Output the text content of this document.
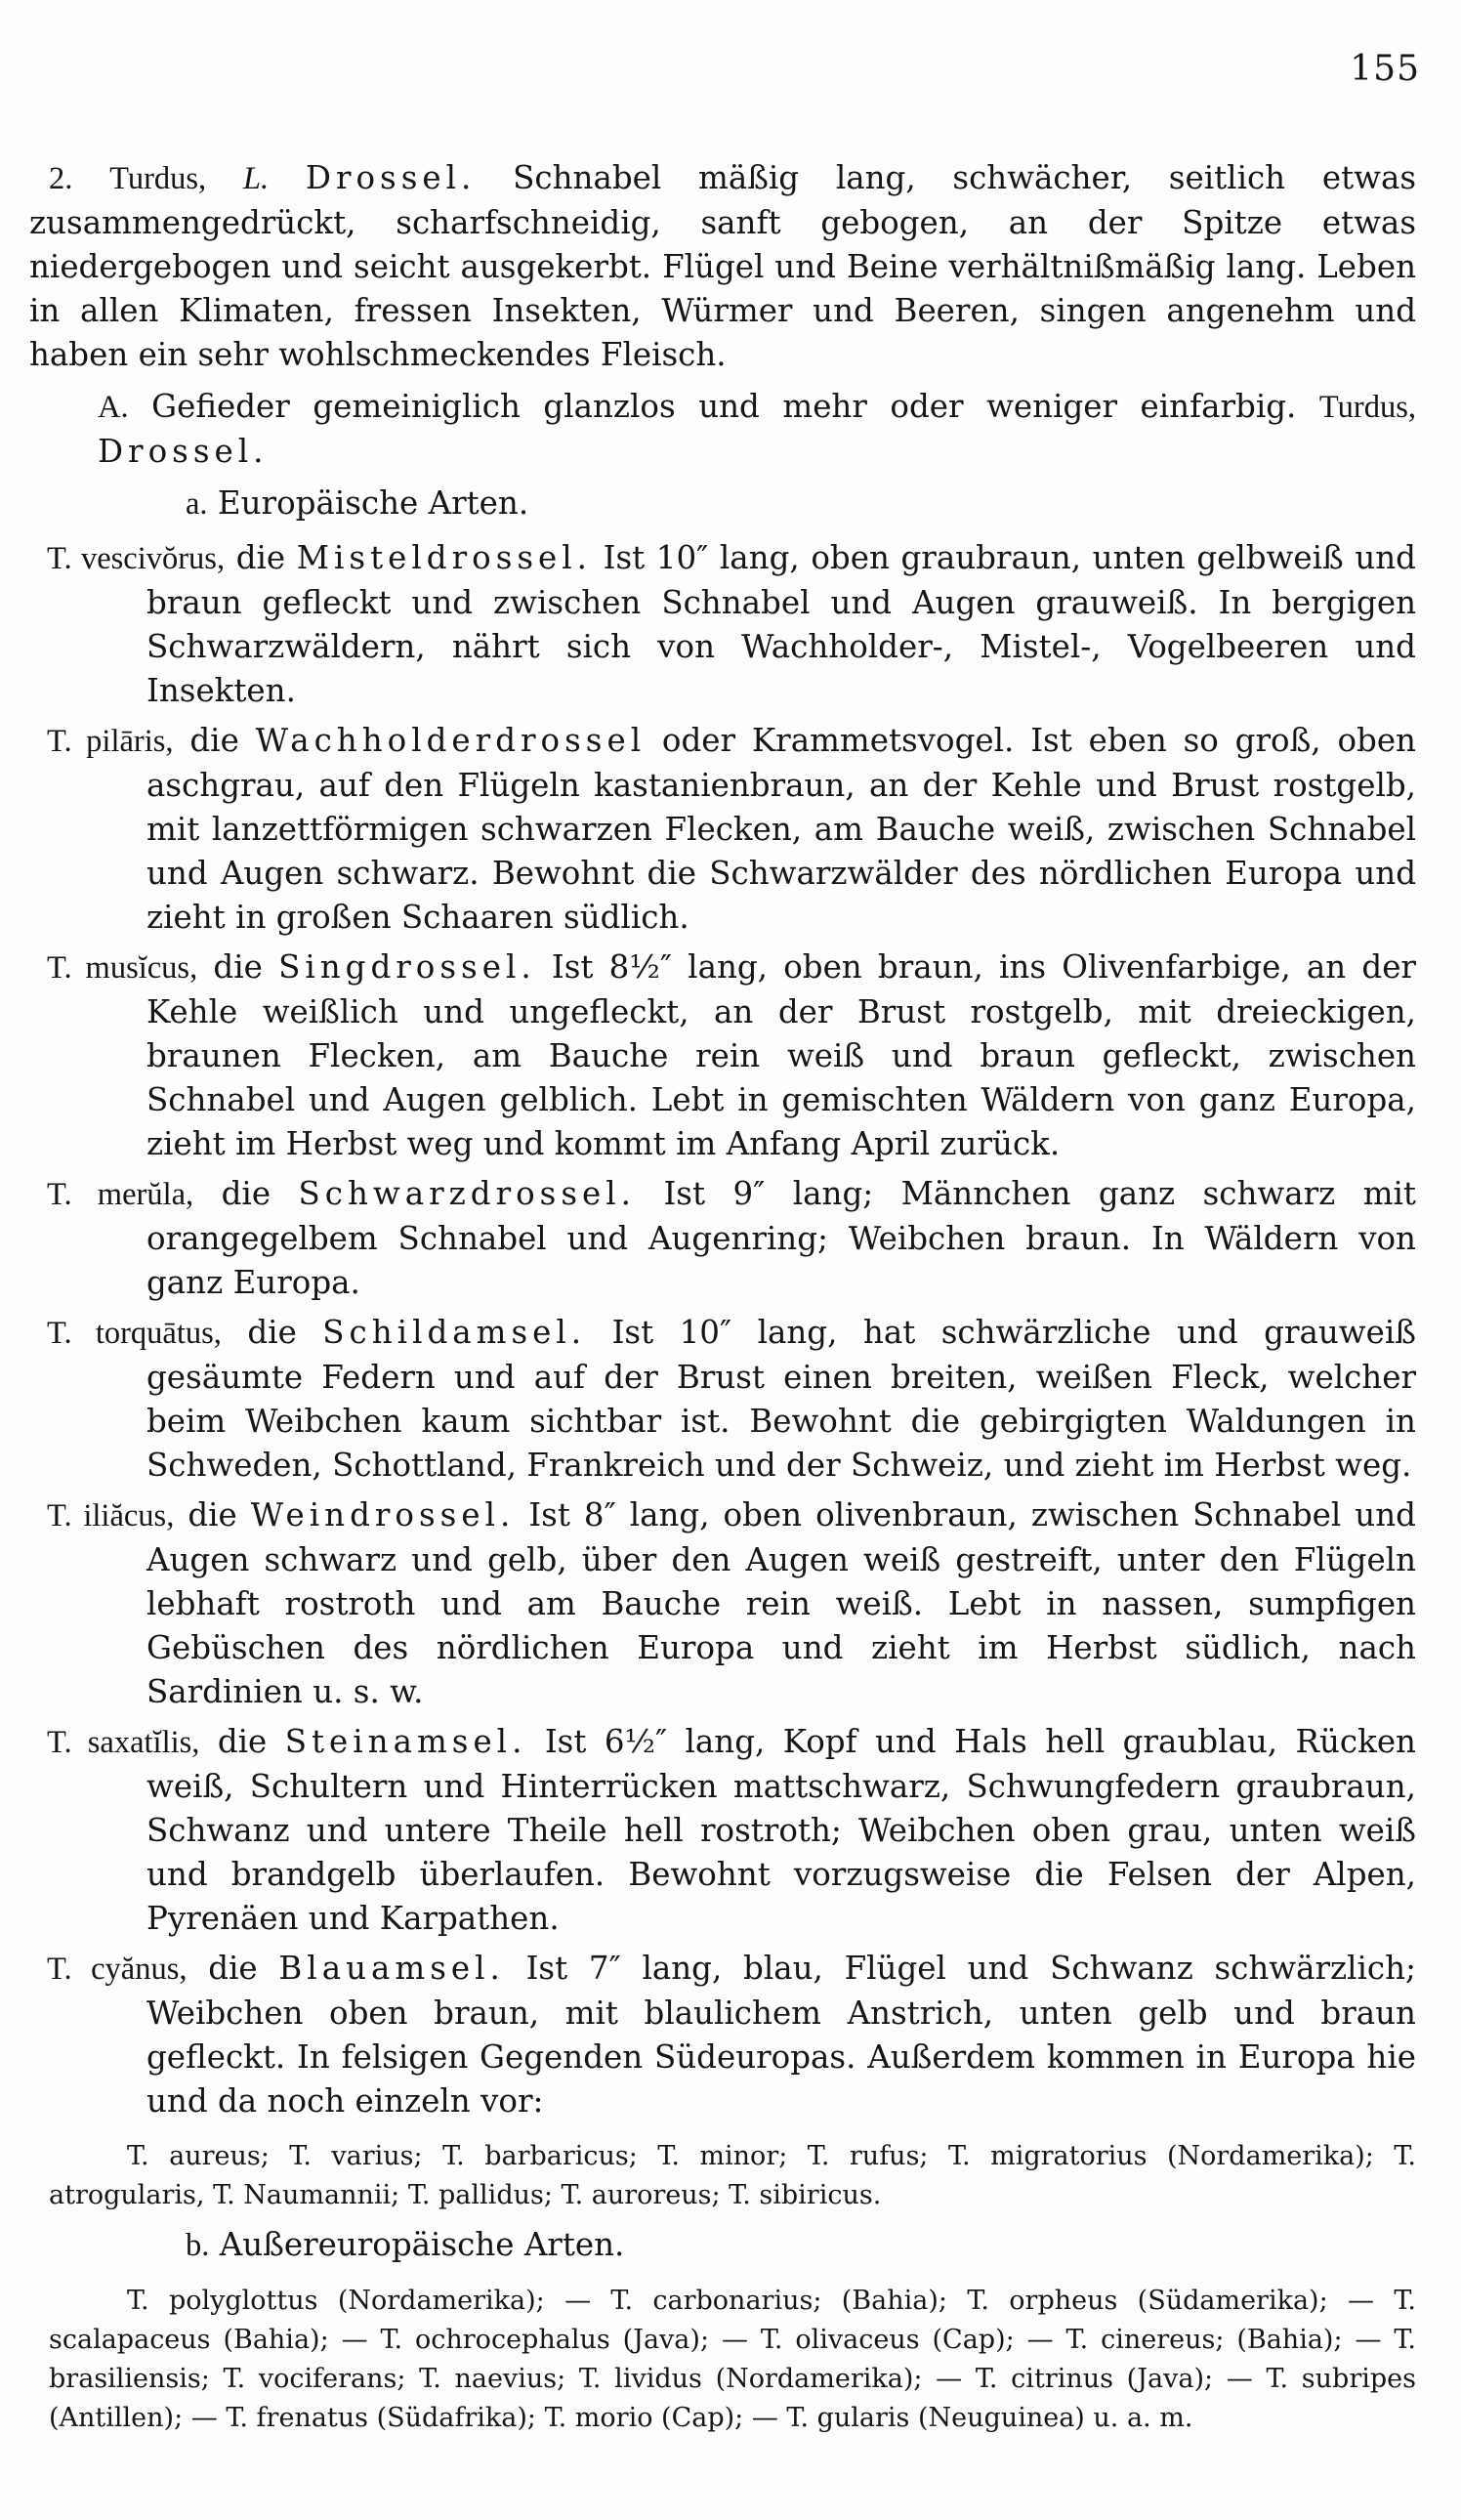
155

2. Turdus, L. Drossel. Schnabel mäßig lang, schwächer, seitlich etwas zusammengedrückt, scharfschneidig, sanft gebogen, an der Spitze etwas niedergebogen und seicht ausgekerbt. Flügel und Beine verhältnißmäßig lang. Leben in allen Klimaten, fressen Insekten, Würmer und Beeren, singen angenehm und haben ein sehr wohlschmeckendes Fleisch.

A. Gefieder gemeiniglich glanzlos und mehr oder weniger einfarbig. Turdus, Drossel.

a. Europäische Arten.

T. vescivŏrus, die Misteldrossel. Ist 10″ lang, oben graubraun, unten gelbweiß und braun gefleckt und zwischen Schnabel und Augen grauweiß. In bergigen Schwarzwäldern, nährt sich von Wachholder-, Mistel-, Vogelbeeren und Insekten.

T. pilāris, die Wachholderdrossel oder Krammetsvogel. Ist eben so groß, oben aschgrau, auf den Flügeln kastanienbraun, an der Kehle und Brust rostgelb, mit lanzettförmigen schwarzen Flecken, am Bauche weiß, zwischen Schnabel und Augen schwarz. Bewohnt die Schwarzwälder des nördlichen Europa und zieht in großen Schaaren südlich.

T. musĭcus, die Singdrossel. Ist 8½″ lang, oben braun, ins Olivenfarbige, an der Kehle weißlich und ungefleckt, an der Brust rostgelb, mit dreieckigen, braunen Flecken, am Bauche rein weiß und braun gefleckt, zwischen Schnabel und Augen gelblich. Lebt in gemischten Wäldern von ganz Europa, zieht im Herbst weg und kommt im Anfang April zurück.

T. merŭla, die Schwarzdrossel. Ist 9″ lang; Männchen ganz schwarz mit orangegelbem Schnabel und Augenring; Weibchen braun. In Wäldern von ganz Europa.

T. torquātus, die Schildamsel. Ist 10″ lang, hat schwärzliche und grauweiß gesäumte Federn und auf der Brust einen breiten, weißen Fleck, welcher beim Weibchen kaum sichtbar ist. Bewohnt die gebirgigten Waldungen in Schweden, Schottland, Frankreich und der Schweiz, und zieht im Herbst weg.

T. iliăcus, die Weindrossel. Ist 8″ lang, oben olivenbraun, zwischen Schnabel und Augen schwarz und gelb, über den Augen weiß gestreift, unter den Flügeln lebhaft rostroth und am Bauche rein weiß. Lebt in nassen, sumpfigen Gebüschen des nördlichen Europa und zieht im Herbst südlich, nach Sardinien u. s. w.

T. saxatĭlis, die Steinamsel. Ist 6½″ lang, Kopf und Hals hell graublau, Rücken weiß, Schultern und Hinterrücken mattschwarz, Schwungfedern graubraun, Schwanz und untere Theile hell rostroth; Weibchen oben grau, unten weiß und brandgelb überlaufen. Bewohnt vorzugsweise die Felsen der Alpen, Pyrenäen und Karpathen.

T. cyănus, die Blauamsel. Ist 7″ lang, blau, Flügel und Schwanz schwärzlich; Weibchen oben braun, mit blaulichem Anstrich, unten gelb und braun gefleckt. In felsigen Gegenden Südeuropas. Außerdem kommen in Europa hie und da noch einzeln vor:

T. aureus; T. varius; T. barbaricus; T. minor; T. rufus; T. migratorius (Nordamerika); T. atrogularis, T. Naumannii; T. pallidus; T. auroreus; T. sibiricus.

b. Außereuropäische Arten.

T. polyglottus (Nordamerika); — T. carbonarius; (Bahia); T. orpheus (Südamerika); — T. scalapaceus (Bahia); — T. ochrocephalus (Java); — T. olivaceus (Cap); — T. cinereus; (Bahia); — T. brasiliensis; T. vociferans; T. naevius; T. lividus (Nordamerika); — T. citrinus (Java); — T. subripes (Antillen); — T. frenatus (Südafrika); T. morio (Cap); — T. gularis (Neuguinea) u. a. m.
